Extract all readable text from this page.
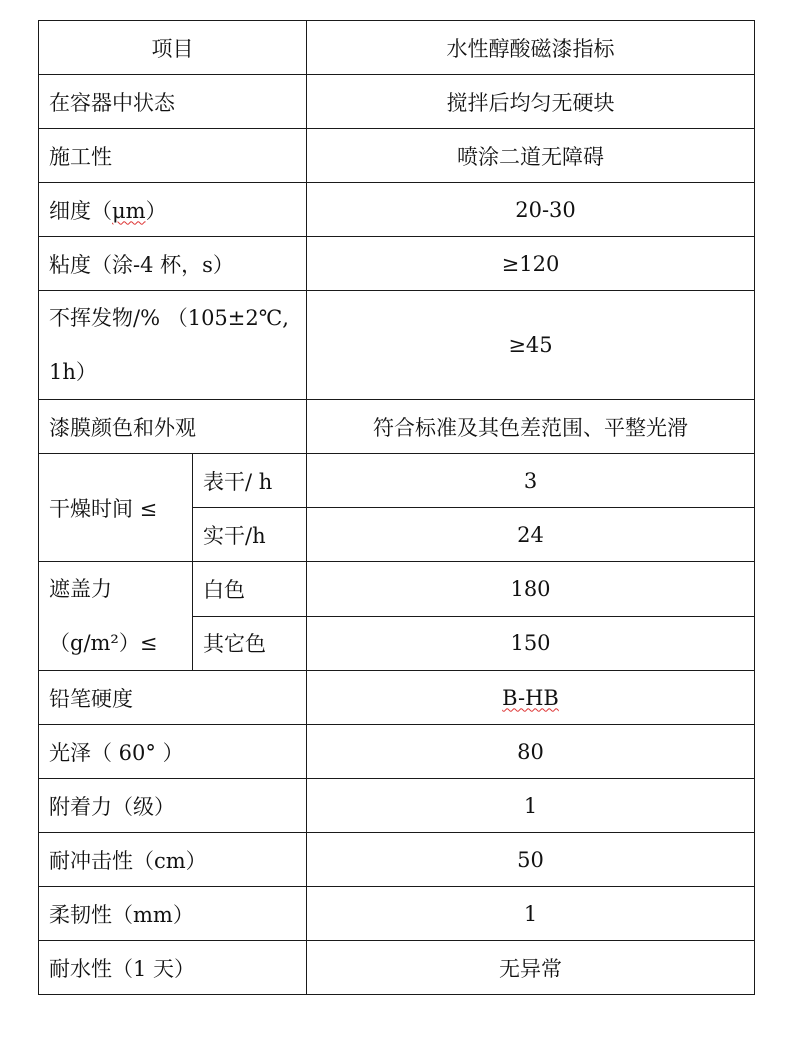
项目		水性醇酸磁漆指标
在容器中状态		搅拌后均匀无硬块
施工性		喷涂二道无障碍
细度（μm）		20-30
粘度（涂-4 杯，s）		≥120
不挥发物/% （105±2℃, 1h）		≥45
漆膜颜色和外观		符合标准及其色差范围、平整光滑
干燥时间 ≤	表干/ h	3
	实干/h	24
遮盖力（g/m²）≤	白色	180
	其它色	150
铅笔硬度		B-HB
光泽（ 60° ）		80
附着力（级）		1
耐冲击性（cm）		50
柔韧性（mm）		1
耐水性（1 天）		无异常
